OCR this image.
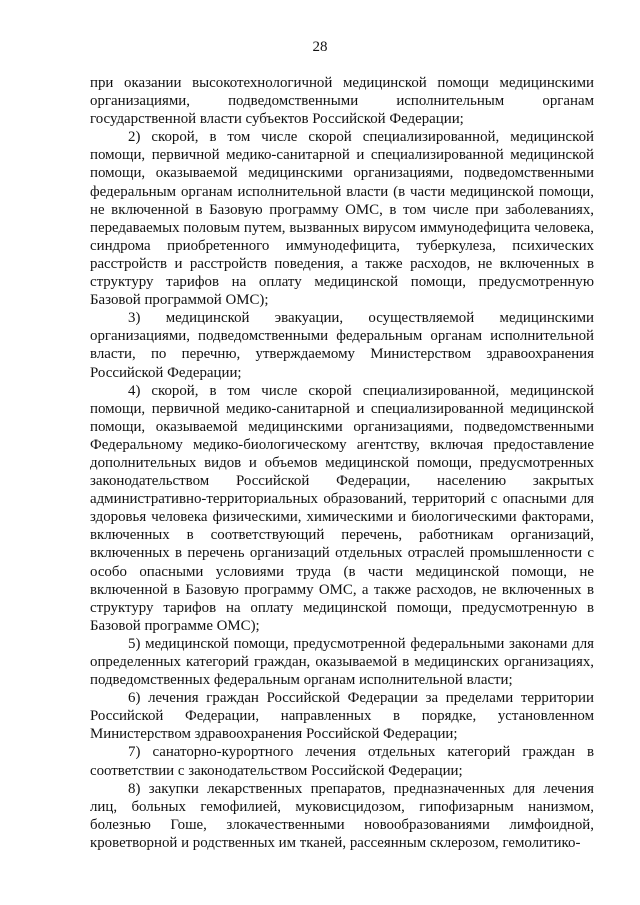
28

при оказании высокотехнологичной медицинской помощи медицинскими организациями, подведомственными исполнительным органам государственной власти субъектов Российской Федерации;

2) скорой, в том числе скорой специализированной, медицинской помощи, первичной медико-санитарной и специализированной медицинской помощи, оказываемой медицинскими организациями, подведомственными федеральным органам исполнительной власти (в части медицинской помощи, не включенной в Базовую программу ОМС, в том числе при заболеваниях, передаваемых половым путем, вызванных вирусом иммунодефицита человека, синдрома приобретенного иммунодефицита, туберкулеза, психических расстройств и расстройств поведения, а также расходов, не включенных в структуру тарифов на оплату медицинской помощи, предусмотренную Базовой программой ОМС);

3) медицинской эвакуации, осуществляемой медицинскими организациями, подведомственными федеральным органам исполнительной власти, по перечню, утверждаемому Министерством здравоохранения Российской Федерации;

4) скорой, в том числе скорой специализированной, медицинской помощи, первичной медико-санитарной и специализированной медицинской помощи, оказываемой медицинскими организациями, подведомственными Федеральному медико-биологическому агентству, включая предоставление дополнительных видов и объемов медицинской помощи, предусмотренных законодательством Российской Федерации, населению закрытых административно-территориальных образований, территорий с опасными для здоровья человека физическими, химическими и биологическими факторами, включенных в соответствующий перечень, работникам организаций, включенных в перечень организаций отдельных отраслей промышленности с особо опасными условиями труда (в части медицинской помощи, не включенной в Базовую программу ОМС, а также расходов, не включенных в структуру тарифов на оплату медицинской помощи, предусмотренную в Базовой программе ОМС);

5) медицинской помощи, предусмотренной федеральными законами для определенных категорий граждан, оказываемой в медицинских организациях, подведомственных федеральным органам исполнительной власти;

6) лечения граждан Российской Федерации за пределами территории Российской Федерации, направленных в порядке, установленном Министерством здравоохранения Российской Федерации;

7) санаторно-курортного лечения отдельных категорий граждан в соответствии с законодательством Российской Федерации;

8) закупки лекарственных препаратов, предназначенных для лечения лиц, больных гемофилией, муковисцидозом, гипофизарным нанизмом, болезнью Гоше, злокачественными новообразованиями лимфоидной, кроветворной и родственных им тканей, рассеянным склерозом, гемолитико-
